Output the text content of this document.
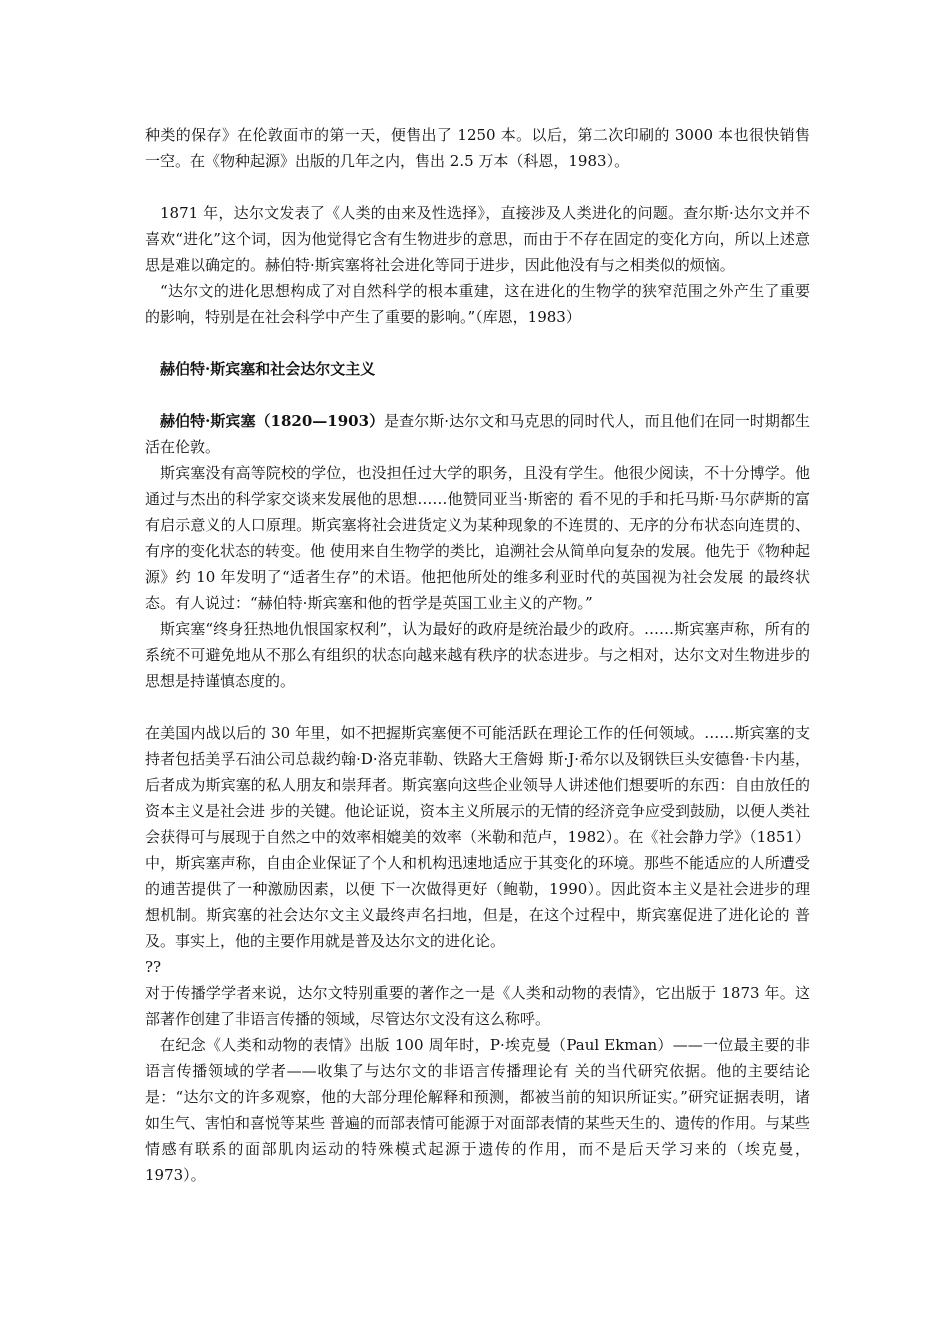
种类的保存》在伦敦面市的第一天，便售出了 1250 本。以后，第二次印刷的 3000 本也很快销售一空。在《物种起源》出版的几年之内，售出 2.5 万本（科恩，1983）。

1871 年，达尔文发表了《人类的由来及性选择》，直接涉及人类进化的问题。查尔斯·达尔文并不喜欢“进化”这个词，因为他觉得它含有生物进步的意思，而由于不存在固定的变化方向，所以上述意思是难以确定的。赫伯特·斯宾塞将社会进化等同于进步，因此他没有与之相类似的烦恼。

“达尔文的进化思想构成了对自然科学的根本重建，这在进化的生物学的狭窄范围之外产生了重要的影响，特别是在社会科学中产生了重要的影响。”（库恩，1983）

赫伯特·斯宾塞和社会达尔文主义

赫伯特·斯宾塞（1820—1903）是查尔斯·达尔文和马克思的同时代人，而且他们在同一时期都生活在伦敦。

斯宾塞没有高等院校的学位，也没担任过大学的职务，且没有学生。他很少阅读，不十分博学。他通过与杰出的科学家交谈来发展他的思想……他赞同亚当·斯密的 看不见的手和托马斯·马尔萨斯的富有启示意义的人口原理。斯宾塞将社会进货定义为某种现象的不连贯的、无序的分布状态向连贯的、有序的变化状态的转变。他 使用来自生物学的类比，追溯社会从简单向复杂的发展。他先于《物种起源》约 10 年发明了“适者生存”的术语。他把他所处的维多利亚时代的英国视为社会发展 的最终状态。有人说过：“赫伯特·斯宾塞和他的哲学是英国工业主义的产物。”

斯宾塞“终身狂热地仇恨国家权利”，认为最好的政府是统治最少的政府。……斯宾塞声称，所有的系统不可避免地从不那么有组织的状态向越来越有秩序的状态进步。与之相对，达尔文对生物进步的思想是持谨慎态度的。

在美国内战以后的 30 年里，如不把握斯宾塞便不可能活跃在理论工作的任何领域。……斯宾塞的支持者包括美孚石油公司总裁约翰·D·洛克菲勒、铁路大王詹姆 斯·J·希尔以及钢铁巨头安德鲁·卡内基，后者成为斯宾塞的私人朋友和崇拜者。斯宾塞向这些企业领导人讲述他们想要听的东西：自由放任的资本主义是社会进 步的关键。他论证说，资本主义所展示的无情的经济竞争应受到鼓励，以便人类社会获得可与展现于自然之中的效率相媲美的效率（米勒和范卢，1982）。在《社会静力学》（1851）中，斯宾塞声称，自由企业保证了个人和机构迅速地适应于其变化的环境。那些不能适应的人所遭受的逋苦提供了一种激励因素，以便 下一次做得更好（鲍勒，1990）。因此资本主义是社会进步的理想机制。斯宾塞的社会达尔文主义最终声名扫地，但是，在这个过程中，斯宾塞促进了进化论的 普及。事实上，他的主要作用就是普及达尔文的进化论。

??

对于传播学学者来说，达尔文特别重要的著作之一是《人类和动物的表情》，它出版于 1873 年。这部著作创建了非语言传播的领域，尽管达尔文没有这么称呼。

在纪念《人类和动物的表情》出版 100 周年时，P·埃克曼（Paul Ekman）——一位最主要的非语言传播领域的学者——收集了与达尔文的非语言传播理论有 关的当代研究依据。他的主要结论是：“达尔文的许多观察，他的大部分理伦解释和预测，都被当前的知识所证实。”研究证据表明，诸如生气、害怕和喜悦等某些 普遍的而部表情可能源于对面部表情的某些天生的、遗传的作用。与某些情感有联系的面部肌肉运动的特殊模式起源于遗传的作用，而不是后天学习来的（埃克曼， 1973）。
